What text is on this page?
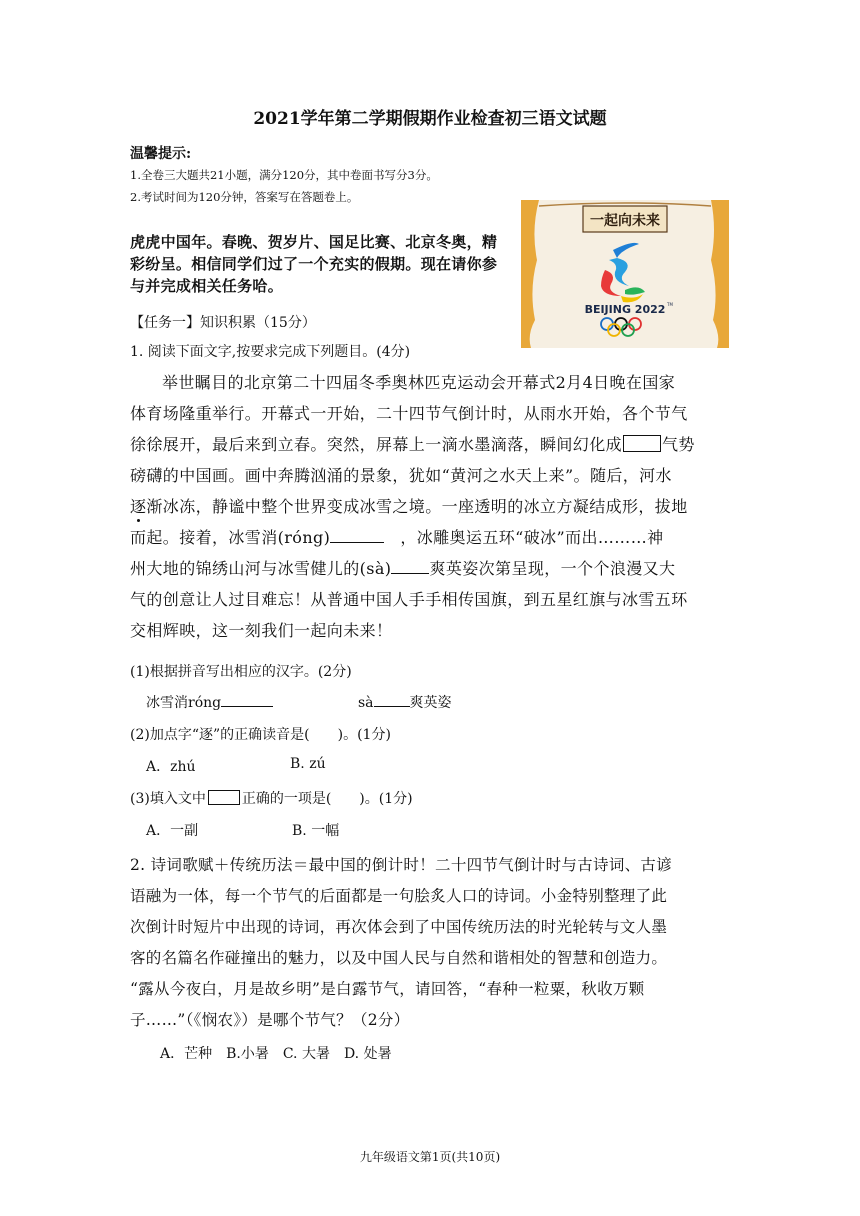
2021学年第二学期假期作业检查初三语文试题
温馨提示:
1.全卷三大题共21小题，满分120分，其中卷面书写分3分。
2.考试时间为120分钟，答案写在答题卷上。
虎虎中国年。春晚、贺岁片、国足比赛、北京冬奥，精
彩纷呈。相信同学们过了一个充实的假期。现在请你参
与并完成相关任务哈。
一起向未来
BEIJING 2022 TM
【任务一】知识积累（15分）
1. 阅读下面文字,按要求完成下列题目。(4分)
举世瞩目的北京第二十四届冬季奥林匹克运动会开幕式2月4日晚在国家
体育场隆重举行。开幕式一开始，二十四节气倒计时，从雨水开始，各个节气
徐徐展开，最后来到立春。突然，屏幕上一滴水墨滴落，瞬间幻化成	气势
磅礴的中国画。画中奔腾汹涌的景象，犹如“黄河之水天上来”。随后，河水
逐渐冰冻，静谧中整个世界变成冰雪之境。一座透明的冰立方凝结成形，拔地
而起。接着，冰雪消(róng)	，冰雕奥运五环“破冰”而出………神
州大地的锦绣山河与冰雪健儿的(sà) 爽英姿次第呈现，一个个浪漫又大
气的创意让人过目难忘！从普通中国人手手相传国旗，到五星红旗与冰雪五环
交相辉映，这一刻我们一起向未来！
(1)根据拼音写出相应的汉字。(2分)
冰雪消róng	sà	爽英姿
(2)加点字“逐”的正确读音是(　　)。(1分)
A．zhú	B. zú
(3)填入文中	正确的一项是(　　)。(1分)
A．一副	B. 一幅
2. 诗词歌赋＋传统历法＝最中国的倒计时！二十四节气倒计时与古诗词、古谚
语融为一体，每一个节气的后面都是一句脍炙人口的诗词。小金特别整理了此
次倒计时短片中出现的诗词，再次体会到了中国传统历法的时光轮转与文人墨
客的名篇名作碰撞出的魅力，以及中国人民与自然和谐相处的智慧和创造力。
“露从今夜白，月是故乡明”是白露节气，请回答，“春种一粒粟，秋收万颗
子……”（《悯农》）是哪个节气？（2分）
A．芒种　B.小暑　C. 大暑　D. 处暑
九年级语文第1页(共10页)
